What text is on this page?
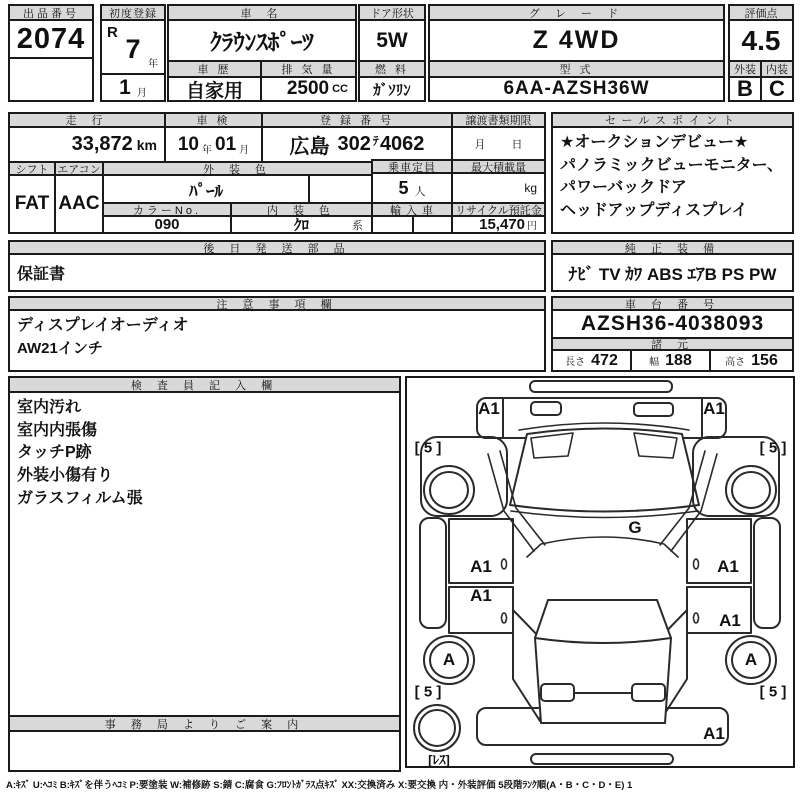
出品番号
2074
初度登録
R
7
年
1 月
車 名
ｸﾗｳﾝｽﾎﾟｰﾂ
車 歴
自家用
排 気 量
2500 CC
ドア形状
5W
燃 料
ｶﾞｿﾘﾝ
グ レ ー ド
Z 4WD
型 式
6AA-AZSH36W
評価点
4.5
外装 内装
B C
走 行
33,872 km
車 検
10 年 01 月
登 録 番 号
広島 302 ﾃ 4062
譲渡書類期限
月 日
セールスポイント
★オークションデビュー★
パノラミックビューモニター、
パワーバックドア
ヘッドアップディスプレイ
シフト
FAT
エアコン
AAC
外 装 色
ﾊﾟｰﾙ
カラーNo.
090
内 装 色
ｸﾛ	系
乗車定員
5 人
最大積載量
kg
輸 入 車	リサイクル預託金
15,470 円
後 日 発 送 部 品
保証書
純 正 装 備
ﾅﾋﾞ TV ｶﾜ ABS ｴｱB PS PW
注 意 事 項 欄
ディスプレイオーディオ
AW21インチ
車 台 番 号
AZSH36-4038093
諸 元
長さ 472	幅 188	高さ 156
検 査 員 記 入 欄
室内汚れ
室内内張傷
タッチP跡
外装小傷有り
ガラスフィルム張
事 務 局 よ り ご 案 内
A1	A1
[ 5 ]	[ 5 ]
G
A1	A1
A1
A1
A	A
[ 5 ]	[ 5 ]
A1
[ﾚｽ]
A:ｷｽﾞ U:ﾍｺﾐ B:ｷｽﾞを伴うﾍｺﾐ P:要塗装 W:補修跡 S:錆 C:腐食 G:ﾌﾛﾝﾄｶﾞﾗｽ点ｷｽﾞ XX:交換済み X:要交換 内・外装評価 5段階ﾗﾝｸ順(A・B・C・D・E) 1
